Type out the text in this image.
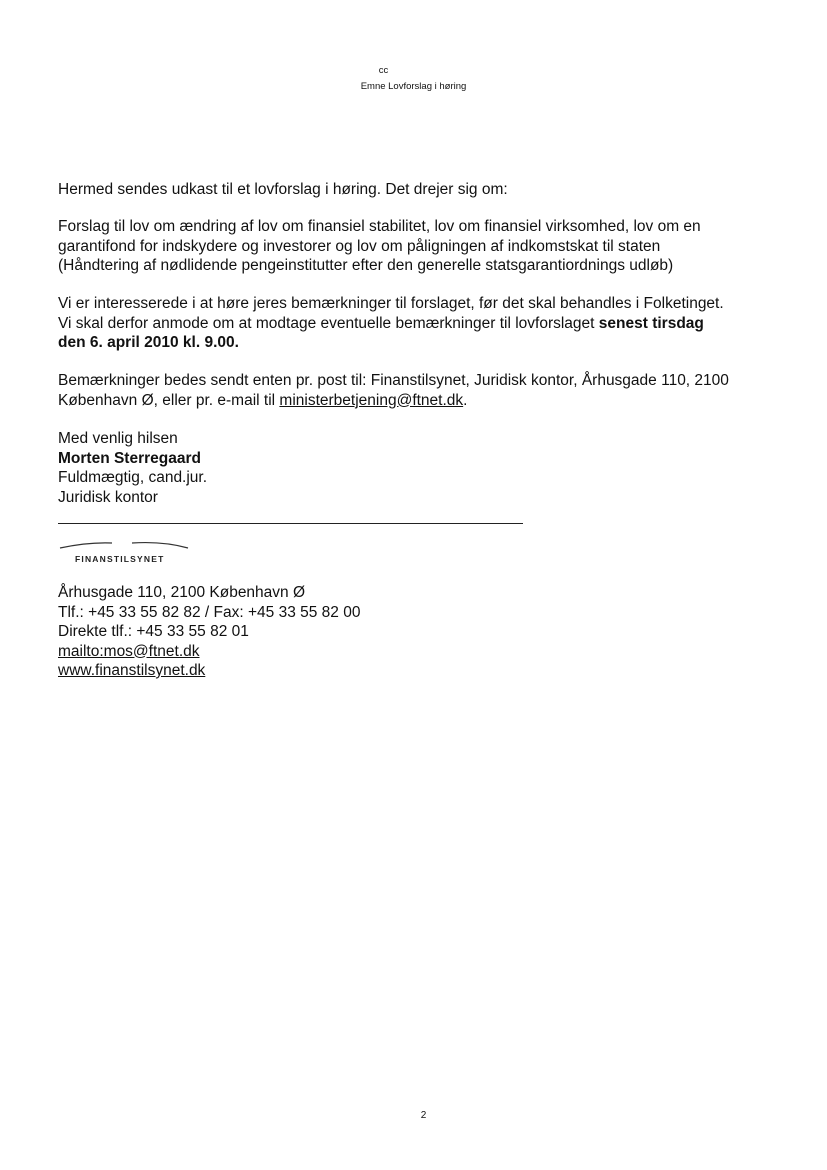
cc
Emne Lovforslag i høring

Hermed sendes udkast til et lovforslag i høring. Det drejer sig om:

Forslag til lov om ændring af lov om finansiel stabilitet, lov om finansiel virksomhed, lov om en

garantifond for indskydere og investorer og lov om påligningen af indkomstskat til staten

(Håndtering af nødlidende pengeinstitutter efter den generelle statsgarantiordnings udløb)

Vi er interesserede i at høre jeres bemærkninger til forslaget, før det skal behandles i Folketinget.

Vi skal derfor anmode om at modtage eventuelle bemærkninger til lovforslaget senest tirsdag

den 6. april 2010 kl. 9.00.

Bemærkninger bedes sendt enten pr. post til: Finanstilsynet, Juridisk kontor, Århusgade 110, 2100

København Ø, eller pr. e-mail til ministerbetjening@ftnet.dk.

Med venlig hilsen

Morten Sterregaard

Fuldmægtig, cand.jur.

Juridisk kontor

FINANSTILSYNET

Århusgade 110, 2100 København Ø

Tlf.: +45 33 55 82 82 / Fax: +45 33 55 82 00

Direkte tlf.: +45 33 55 82 01

mailto:mos@ftnet.dk

www.finanstilsynet.dk

2
